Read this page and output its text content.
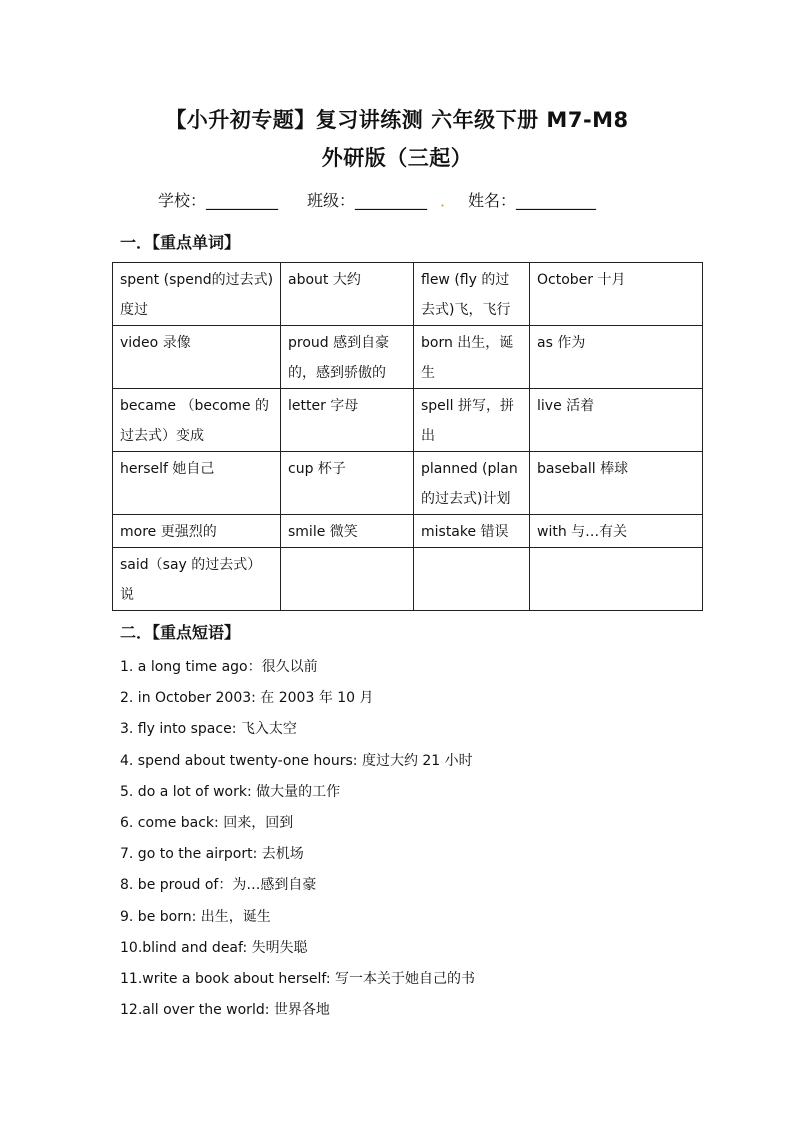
【小升初专题】复习讲练测 六年级下册 M7-M8
外研版（三起）
学校：_________ 班级：_________ ． 姓名：__________
一．【重点单词】
spent (spend的过去式)度过	about 大约	flew (fly 的过去式)飞，飞行	October 十月
video 录像	proud 感到自豪的，感到骄傲的	born 出生，诞生	as 作为
became （become 的过去式）变成	letter 字母	spell 拼写，拼出	live 活着
herself 她自己	cup 杯子	planned (plan 的过去式)计划	baseball 棒球
more 更强烈的	smile 微笑	mistake 错误	with 与…有关
said（say 的过去式）说			
二．【重点短语】
1. a long time ago：很久以前
2. in October 2003: 在 2003 年 10 月
3. fly into space: 飞入太空
4. spend about twenty-one hours: 度过大约 21 小时
5. do a lot of work: 做大量的工作
6. come back: 回来，回到
7. go to the airport: 去机场
8. be proud of：为…感到自豪
9. be born: 出生，诞生
10.blind and deaf: 失明失聪
11.write a book about herself: 写一本关于她自己的书
12.all over the world: 世界各地
